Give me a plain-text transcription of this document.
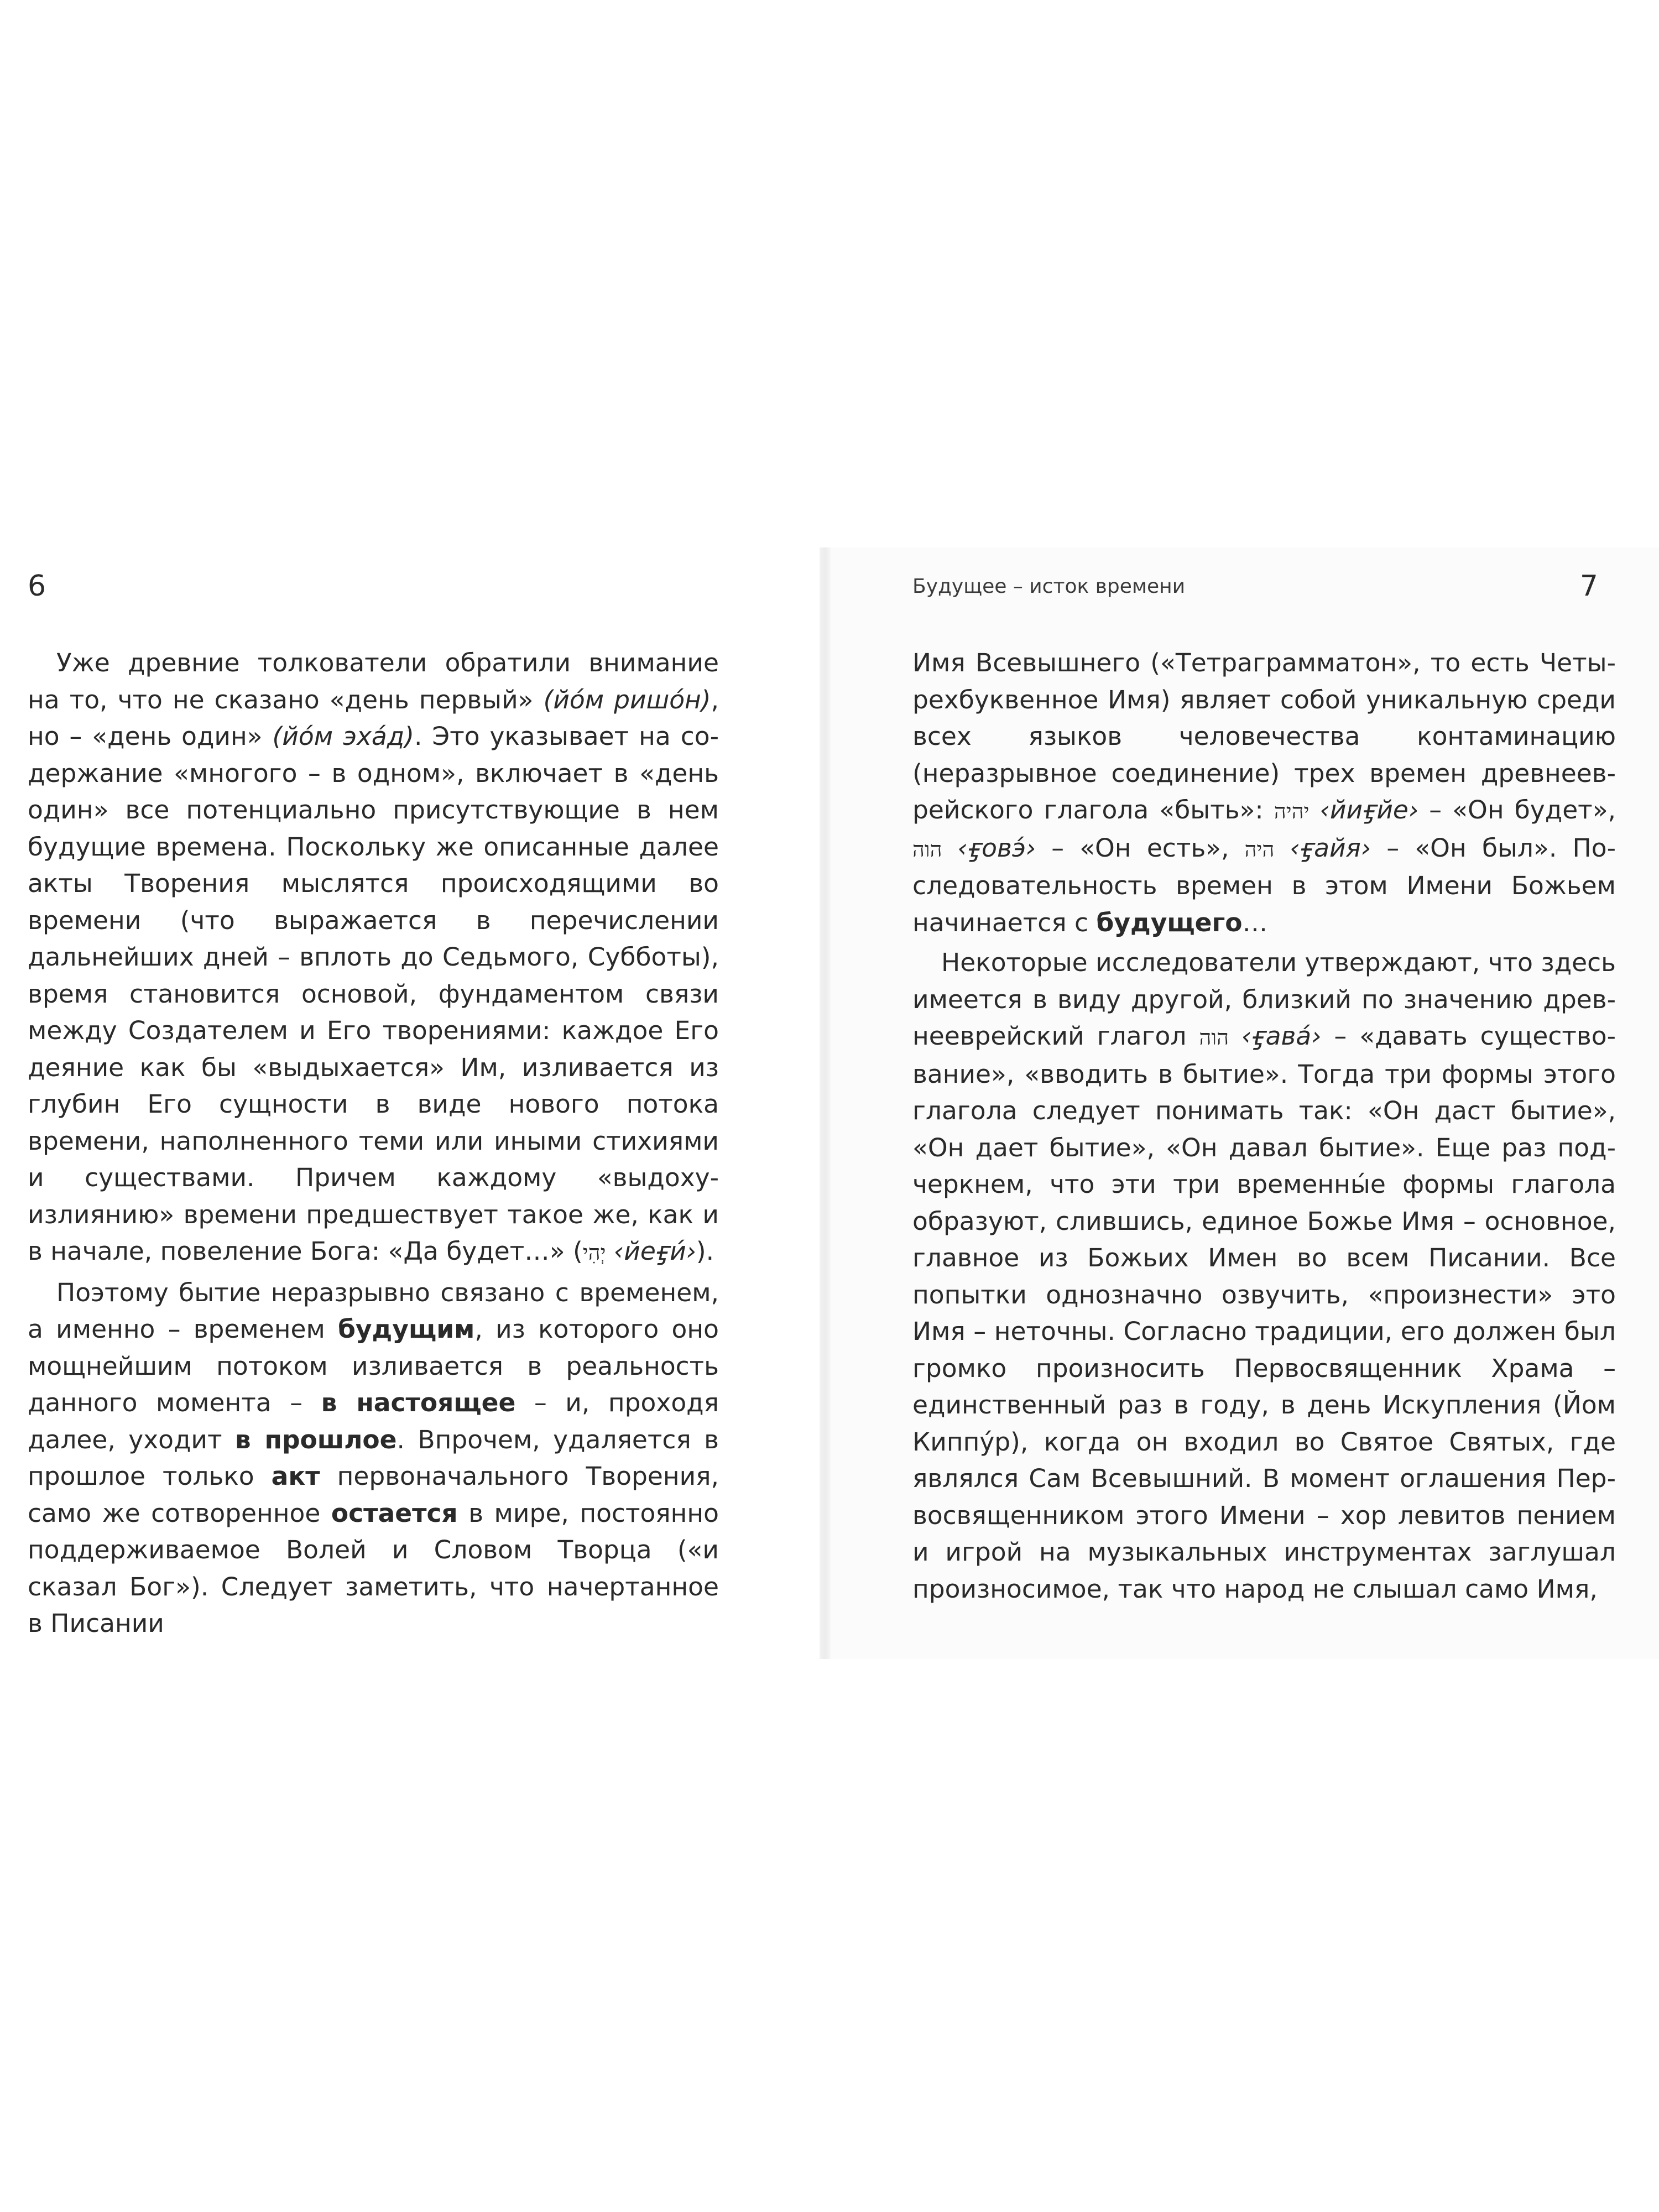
6

Уже древние толкователи обратили внимание на то, что не сказано «день первый» (йо́м ришо́н), но – «день один» (йо́м эха́д). Это указывает на содержание «многого – в одном», включает в «день один» все потенциально присутствующие в нем будущие времена. Поскольку же описанные далее акты Творения мыслятся происходящими во времени (что выражается в перечислении дальнейших дней – вплоть до Седьмого, Субботы), время становится основой, фундаментом связи между Создателем и Его творениями: каждое Его деяние как бы «выдыхается» Им, изливается из глубин Его сущности в виде нового потока времени, наполненного теми или иными стихиями и существами. Причем каждому «выдоху-излиянию» времени предшествует такое же, как и в начале, повеление Бога: «Да будет…» (יְהִי ‹йеӻи́›).

Поэтому бытие неразрывно связано с временем, а именно – временем будущим, из которого оно мощнейшим потоком изливается в реальность данного момента – в настоящее – и, проходя далее, уходит в прошлое. Впрочем, удаляется в прошлое только акт первоначального Творения, само же сотворенное остается в мире, постоянно поддерживаемое Волей и Словом Творца («и сказал Бог»). Следует заметить, что начертанное в Писании

Будущее – исток времени	7

Имя Всевышнего («Тетраграмматон», то есть Четырехбуквенное Имя) являет собой уникальную среди всех языков человечества контаминацию (неразрывное соединение) трех времен древнееврейского глагола «быть»: יהיה ‹йиӻйе› – «Он будет», הוה ‹ӻовэ́› – «Он есть», היה ‹ӻайя› – «Он был». Последовательность времен в этом Имени Божьем начинается с будущего…

Некоторые исследователи утверждают, что здесь имеется в виду другой, близкий по значению древнееврейский глагол הוה ‹ӻава́› – «давать существование», «вводить в бытие». Тогда три формы этого глагола следует понимать так: «Он даст бытие», «Он дает бытие», «Он давал бытие». Еще раз подчеркнем, что эти три временны́е формы глагола образуют, слившись, единое Божье Имя – основное, главное из Божьих Имен во всем Писании. Все попытки однозначно озвучить, «произнести» это Имя – неточны. Согласно традиции, его должен был громко произносить Первосвященник Храма – единственный раз в году, в день Искупления (Йом Киппу́р), когда он входил во Святое Святых, где являлся Сам Всевышний. В момент оглашения Первосвященником этого Имени – хор левитов пением и игрой на музыкальных инструментах заглушал произносимое, так что народ не слышал само Имя,
